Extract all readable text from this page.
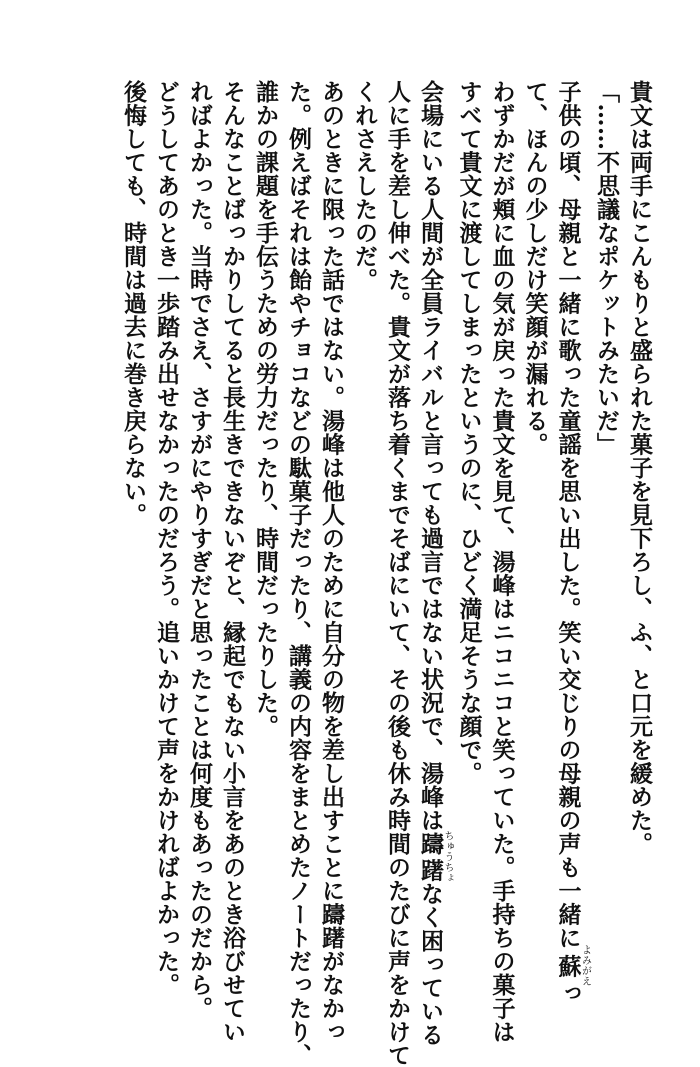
貴文は両手にこんもりと盛られた菓子を見下ろし、ふ、と口元を緩めた。
「……不思議なポケットみたいだ」
子供の頃、母親と一緒に歌った童謡を思い出した。笑い交じりの母親の声も一緒に蘇よみがえっ
て、ほんの少しだけ笑顔が漏れる。
わずかだが頬に血の気が戻った貴文を見て、湯峰はニコニコと笑っていた。手持ちの菓子は
すべて貴文に渡してしまったというのに、ひどく満足そうな顔で。
会場にいる人間が全員ライバルと言っても過言ではない状況で、湯峰は躊躇ちゅうちょなく困っている
人に手を差し伸べた。貴文が落ち着くまでそばにいて、その後も休み時間のたびに声をかけて
くれさえしたのだ。
あのときに限った話ではない。湯峰は他人のために自分の物を差し出すことに躊躇がなかっ
た。例えばそれは飴やチョコなどの駄菓子だったり、講義の内容をまとめたノートだったり、
誰かの課題を手伝うための労力だったり、時間だったりした。
そんなことばっかりしてると長生きできないぞと、縁起でもない小言をあのとき浴びせてい
ればよかった。当時でさえ、さすがにやりすぎだと思ったことは何度もあったのだから。
どうしてあのとき一歩踏み出せなかったのだろう。追いかけて声をかければよかった。
後悔しても、時間は過去に巻き戻らない。
